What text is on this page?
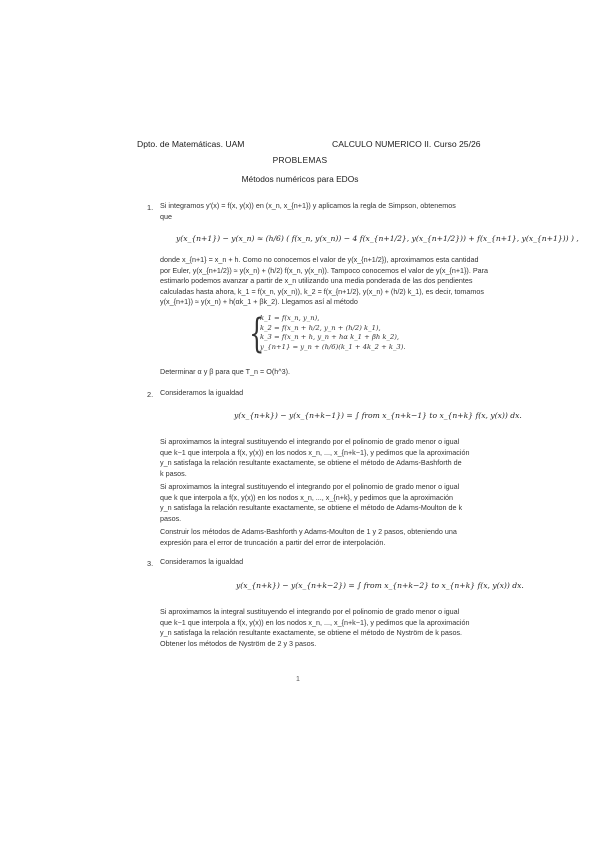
Dpto. de Matemáticas. UAM	CALCULO NUMERICO II. Curso 25/26
PROBLEMAS
Métodos numéricos para EDOs
1. Si integramos y'(x) = f(x, y(x)) en (x_n, x_{n+1}) y aplicamos la regla de Simpson, obtenemos
que
y(x_{n+1}) − y(x_n) ≈ (h/6) ( f(x_n, y(x_n)) − 4 f(x_{n+1/2}, y(x_{n+1/2})) + f(x_{n+1}, y(x_{n+1})) ) ,
donde x_{n+1} = x_n + h. Como no conocemos el valor de y(x_{n+1/2}), aproximamos esta cantidad
por Euler, y(x_{n+1/2}) ≈ y(x_n) + (h/2) f(x_n, y(x_n)). Tampoco conocemos el valor de y(x_{n+1}). Para
estimarlo podemos avanzar a partir de x_n utilizando una media ponderada de las dos pendientes
calculadas hasta ahora, k_1 = f(x_n, y(x_n)), k_2 = f(x_{n+1/2}, y(x_n) + (h/2) k_1), es decir, tomamos
y(x_{n+1}) ≈ y(x_n) + h(αk_1 + βk_2). Llegamos así al método
{
k_1 = f(x_n, y_n),
k_2 = f(x_n + h/2, y_n + (h/2) k_1),
k_3 = f(x_n + h, y_n + hα k_1 + βh k_2),
y_{n+1} = y_n + (h/6)(k_1 + 4k_2 + k_3).
Determinar α y β para que T_n = O(h^3).
2. Consideramos la igualdad
y(x_{n+k}) − y(x_{n+k−1}) = ∫ from x_{n+k−1} to x_{n+k} f(x, y(x)) dx.
Si aproximamos la integral sustituyendo el integrando por el polinomio de grado menor o igual
que k−1 que interpola a f(x, y(x)) en los nodos x_n, ..., x_{n+k−1}, y pedimos que la aproximación
y_n satisfaga la relación resultante exactamente, se obtiene el método de Adams-Bashforth de
k pasos.
Si aproximamos la integral sustituyendo el integrando por el polinomio de grado menor o igual
que k que interpola a f(x, y(x)) en los nodos x_n, ..., x_{n+k}, y pedimos que la aproximación
y_n satisfaga la relación resultante exactamente, se obtiene el método de Adams-Moulton de k
pasos.
Construir los métodos de Adams-Bashforth y Adams-Moulton de 1 y 2 pasos, obteniendo una
expresión para el error de truncación a partir del error de interpolación.
3. Consideramos la igualdad
y(x_{n+k}) − y(x_{n+k−2}) = ∫ from x_{n+k−2} to x_{n+k} f(x, y(x)) dx.
Si aproximamos la integral sustituyendo el integrando por el polinomio de grado menor o igual
que k−1 que interpola a f(x, y(x)) en los nodos x_n, ..., x_{n+k−1}, y pedimos que la aproximación
y_n satisfaga la relación resultante exactamente, se obtiene el método de Nyström de k pasos.
Obtener los métodos de Nyström de 2 y 3 pasos.
1
